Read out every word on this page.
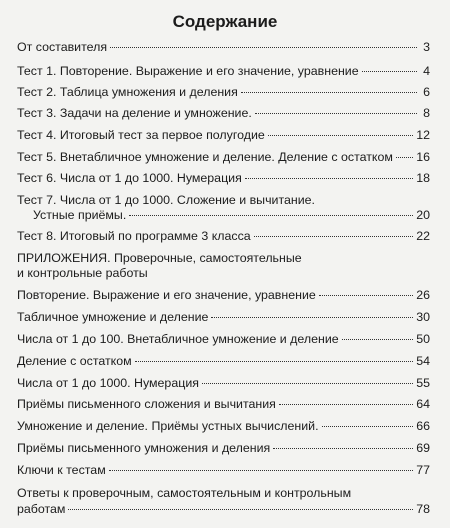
Содержание
От составителя	3
Тест 1. Повторение. Выражение и его значение, уравнение	4
Тест 2. Таблица умножения и деления	6
Тест 3. Задачи на деление и умножение.	8
Тест 4. Итоговый тест за первое полугодие	12
Тест 5. Внетабличное умножение и деление. Деление с остатком 16
Тест 6. Числа от 1 до 1000. Нумерация	18
Тест 7. Числа от 1 до 1000. Сложение и вычитание.
Устные приёмы.	20
Тест 8. Итоговый по программе 3 класса	22
ПРИЛОЖЕНИЯ. Проверочные, самостоятельные
и контрольные работы
Повторение. Выражение и его значение, уравнение	26
Табличное умножение и деление	30
Числа от 1 до 100. Внетабличное умножение и деление	50
Деление с остатком	54
Числа от 1 до 1000. Нумерация	55
Приёмы письменного сложения и вычитания	64
Умножение и деление. Приёмы устных вычислений.	66
Приёмы письменного умножения и деления	69
Ключи к тестам	77
Ответы к проверочным, самостоятельным и контрольным
работам	78
